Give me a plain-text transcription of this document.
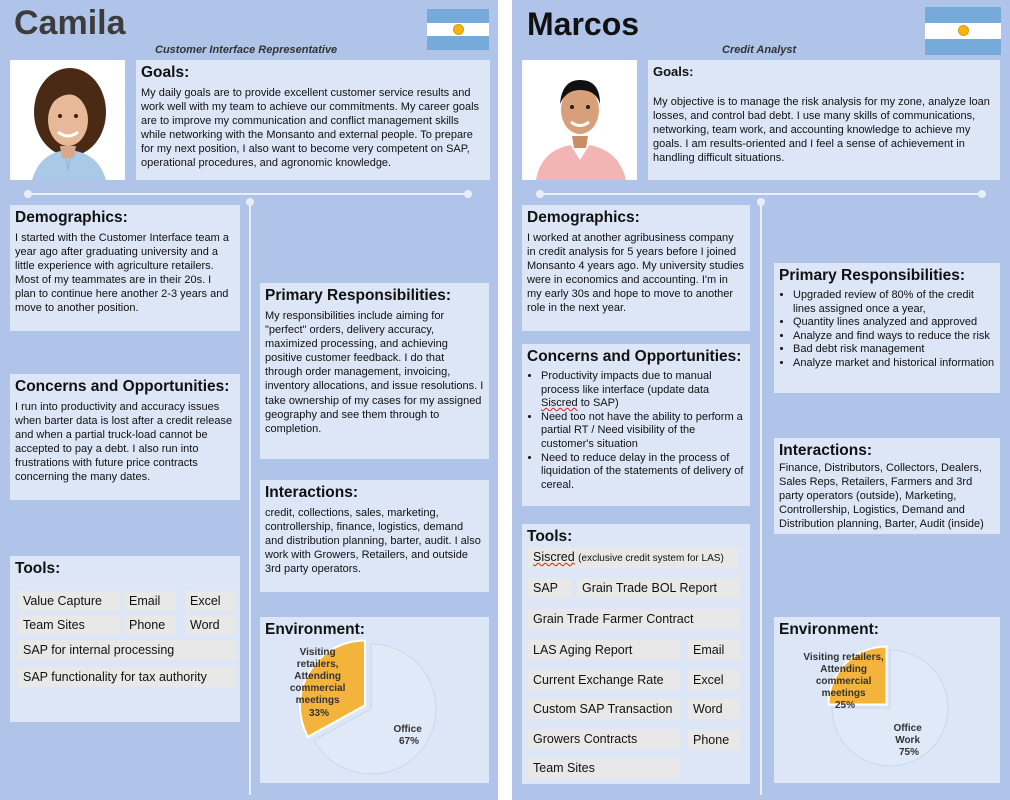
Camila
Customer Interface Representative
Goals:
My daily goals are to provide excellent customer service results and work well with my team to achieve our commitments. My career goals are to improve my communication and conflict management skills while networking with the Monsanto and external people. To prepare for my next position, I also want to become very competent on SAP, operational procedures, and agronomic knowledge.
Demographics:
I started with the Customer Interface team a year ago after graduating university and a little experience with agriculture retailers. Most of my teammates are in their 20s. I plan to continue here another 2-3 years and move to another position.
Concerns and Opportunities:
I run into productivity and accuracy issues when barter data is lost after a credit release and when a partial truck-load cannot be accepted to pay a debt. I also run into frustrations with future price contracts concerning the many dates.
Primary Responsibilities:
My responsibilities include aiming for "perfect" orders, delivery accuracy, maximized processing, and achieving positive customer feedback. I do that through order management, invoicing, inventory allocations, and issue resolutions. I take ownership of my cases for my assigned geography and see them through to completion.
Interactions:
credit, collections, sales, marketing, controllership, finance, logistics, demand and distribution planning, barter, audit. I also work with Growers, Retailers, and outside 3rd party operators.
Tools:
Value Capture	Email	Excel
Team Sites	Phone	Word
SAP for internal processing
SAP functionality for tax authority
Environment:
Visiting retailers, Attending commercial meetings 33%
Office 67%
Marcos
Credit Analyst
Goals:
My objective is to manage the risk analysis for my zone, analyze loan losses, and control bad debt. I use many skills of communications, networking, team work, and accounting knowledge to achieve my goals. I am results-oriented and I feel a sense of achievement in handling difficult situations.
Demographics:
I worked at another agribusiness company in credit analysis for 5 years before I joined Monsanto 4 years ago. My university studies were in economics and accounting. I'm in my early 30s and hope to move to another role in the next year.
Concerns and Opportunities:
• Productivity impacts due to manual process like interface (update data Siscred to SAP)
• Need too not have the ability to perform a partial RT / Need visibility of the customer's situation
• Need to reduce delay in the process of liquidation of the statements of delivery of cereal.
Primary Responsibilities:
• Upgraded review of 80% of the credit lines assigned once a year,
• Quantity lines analyzed and approved
• Analyze and find ways to reduce the risk
• Bad debt risk management
• Analyze market and historical information
Interactions:
Finance, Distributors, Collectors, Dealers, Sales Reps, Retailers, Farmers and 3rd party operators (outside), Marketing, Controllership, Logistics, Demand and Distribution planning, Barter, Audit (inside)
Tools:
Siscred (exclusive credit system for LAS)
SAP	Grain Trade BOL Report
Grain Trade Farmer Contract
LAS Aging Report	Email
Current Exchange Rate	Excel
Custom SAP Transaction	Word
Growers Contracts	Phone
Team Sites
Environment:
Visiting retailers, Attending commercial meetings 25%
Office Work 75%
